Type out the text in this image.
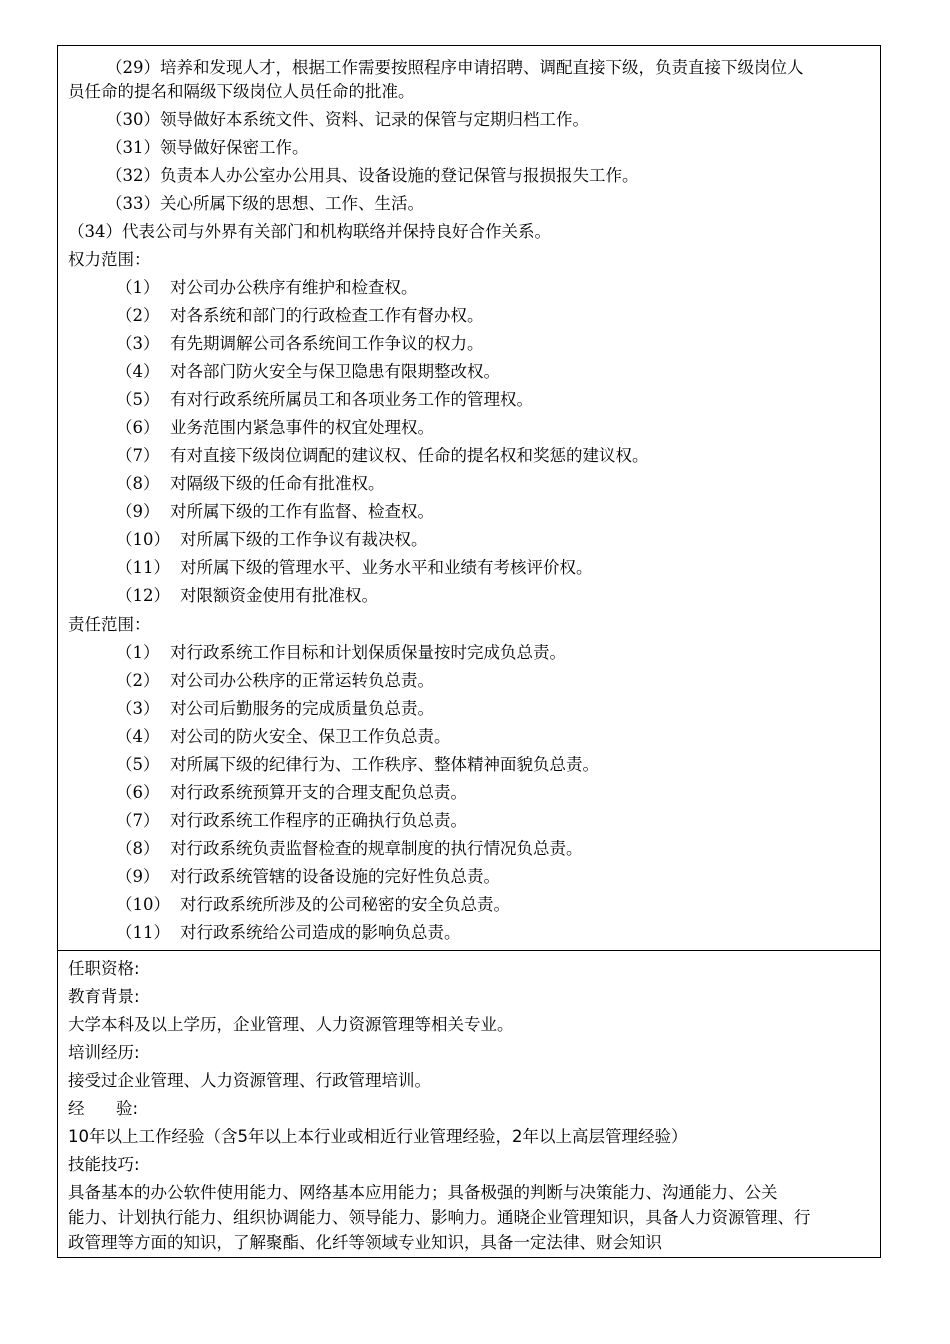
（29）培养和发现人才，根据工作需要按照程序申请招聘、调配直接下级，负责直接下级岗位人
员任命的提名和隔级下级岗位人员任命的批准。
（30）领导做好本系统文件、资料、记录的保管与定期归档工作。
（31）领导做好保密工作。
（32）负责本人办公室办公用具、设备设施的登记保管与报损报失工作。
（33）关心所属下级的思想、工作、生活。
（34）代表公司与外界有关部门和机构联络并保持良好合作关系。
权力范围：
（1） 对公司办公秩序有维护和检查权。
（2） 对各系统和部门的行政检查工作有督办权。
（3） 有先期调解公司各系统间工作争议的权力。
（4） 对各部门防火安全与保卫隐患有限期整改权。
（5） 有对行政系统所属员工和各项业务工作的管理权。
（6） 业务范围内紧急事件的权宜处理权。
（7） 有对直接下级岗位调配的建议权、任命的提名权和奖惩的建议权。
（8） 对隔级下级的任命有批准权。
（9） 对所属下级的工作有监督、检查权。
（10） 对所属下级的工作争议有裁决权。
（11） 对所属下级的管理水平、业务水平和业绩有考核评价权。
（12） 对限额资金使用有批准权。
责任范围：
（1） 对行政系统工作目标和计划保质保量按时完成负总责。
（2） 对公司办公秩序的正常运转负总责。
（3） 对公司后勤服务的完成质量负总责。
（4） 对公司的防火安全、保卫工作负总责。
（5） 对所属下级的纪律行为、工作秩序、整体精神面貌负总责。
（6） 对行政系统预算开支的合理支配负总责。
（7） 对行政系统工作程序的正确执行负总责。
（8） 对行政系统负责监督检查的规章制度的执行情况负总责。
（9） 对行政系统管辖的设备设施的完好性负总责。
（10） 对行政系统所涉及的公司秘密的安全负总责。
（11） 对行政系统给公司造成的影响负总责。
任职资格:
教育背景:
大学本科及以上学历，企业管理、人力资源管理等相关专业。
培训经历:
接受过企业管理、人力资源管理、行政管理培训。
经      验:
10年以上工作经验（含5年以上本行业或相近行业管理经验，2年以上高层管理经验）
技能技巧:
具备基本的办公软件使用能力、网络基本应用能力；具备极强的判断与决策能力、沟通能力、公关
能力、计划执行能力、组织协调能力、领导能力、影响力。通晓企业管理知识，具备人力资源管理、行
政管理等方面的知识，了解聚酯、化纤等领域专业知识，具备一定法律、财会知识
